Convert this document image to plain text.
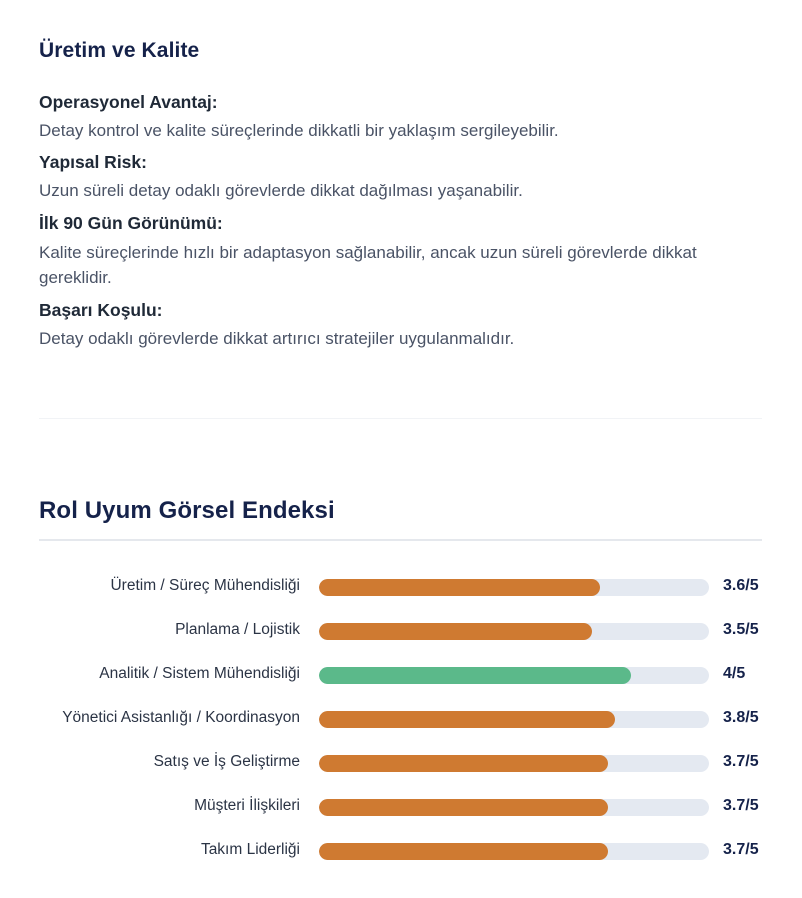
Üretim ve Kalite
Operasyonel Avantaj:
Detay kontrol ve kalite süreçlerinde dikkatli bir yaklaşım sergileyebilir.
Yapısal Risk:
Uzun süreli detay odaklı görevlerde dikkat dağılması yaşanabilir.
İlk 90 Gün Görünümü:
Kalite süreçlerinde hızlı bir adaptasyon sağlanabilir, ancak uzun süreli görevlerde dikkat gereklidir.
Başarı Koşulu:
Detay odaklı görevlerde dikkat artırıcı stratejiler uygulanmalıdır.
Rol Uyum Görsel Endeksi
Üretim / Süreç Mühendisliği	3.6/5
Planlama / Lojistik	3.5/5
Analitik / Sistem Mühendisliği	4/5
Yönetici Asistanlığı / Koordinasyon	3.8/5
Satış ve İş Geliştirme	3.7/5
Müşteri İlişkileri	3.7/5
Takım Liderliği	3.7/5
